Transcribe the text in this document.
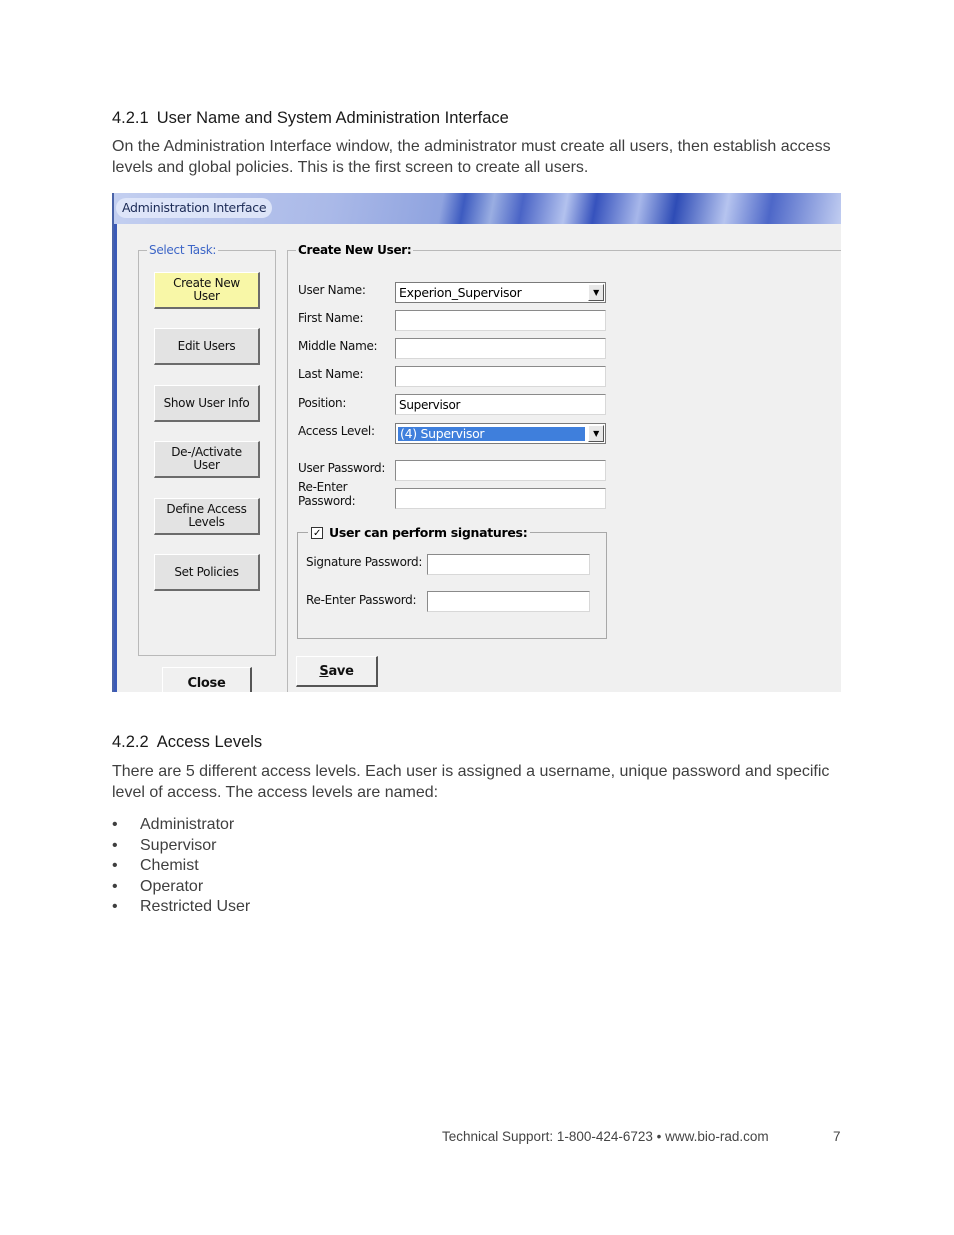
4.2.1 User Name and System Administration Interface

On the Administration Interface window, the administrator must create all users, then establish access levels and global policies. This is the first screen to create all users.

Administration Interface
Select Task:
Create New User
Edit Users
Show User Info
De-/Activate User
Define Access Levels
Set Policies
Close
Create New User:
User Name:	Experion_Supervisor	▼
First Name:
Middle Name:
Last Name:
Position:	Supervisor
Access Level: (4) Supervisor	▼
User Password:
Re-Enter
Password:
✓ User can perform signatures:
Signature Password:
Re-Enter Password:
S ave
4.2.2 Access Levels

There are 5 different access levels. Each user is assigned a username, unique password and specific level of access. The access levels are named:

• Administrator
• Supervisor
• Chemist
• Operator
• Restricted User
Technical Support: 1-800-424-6723 • www.bio-rad.com	7
